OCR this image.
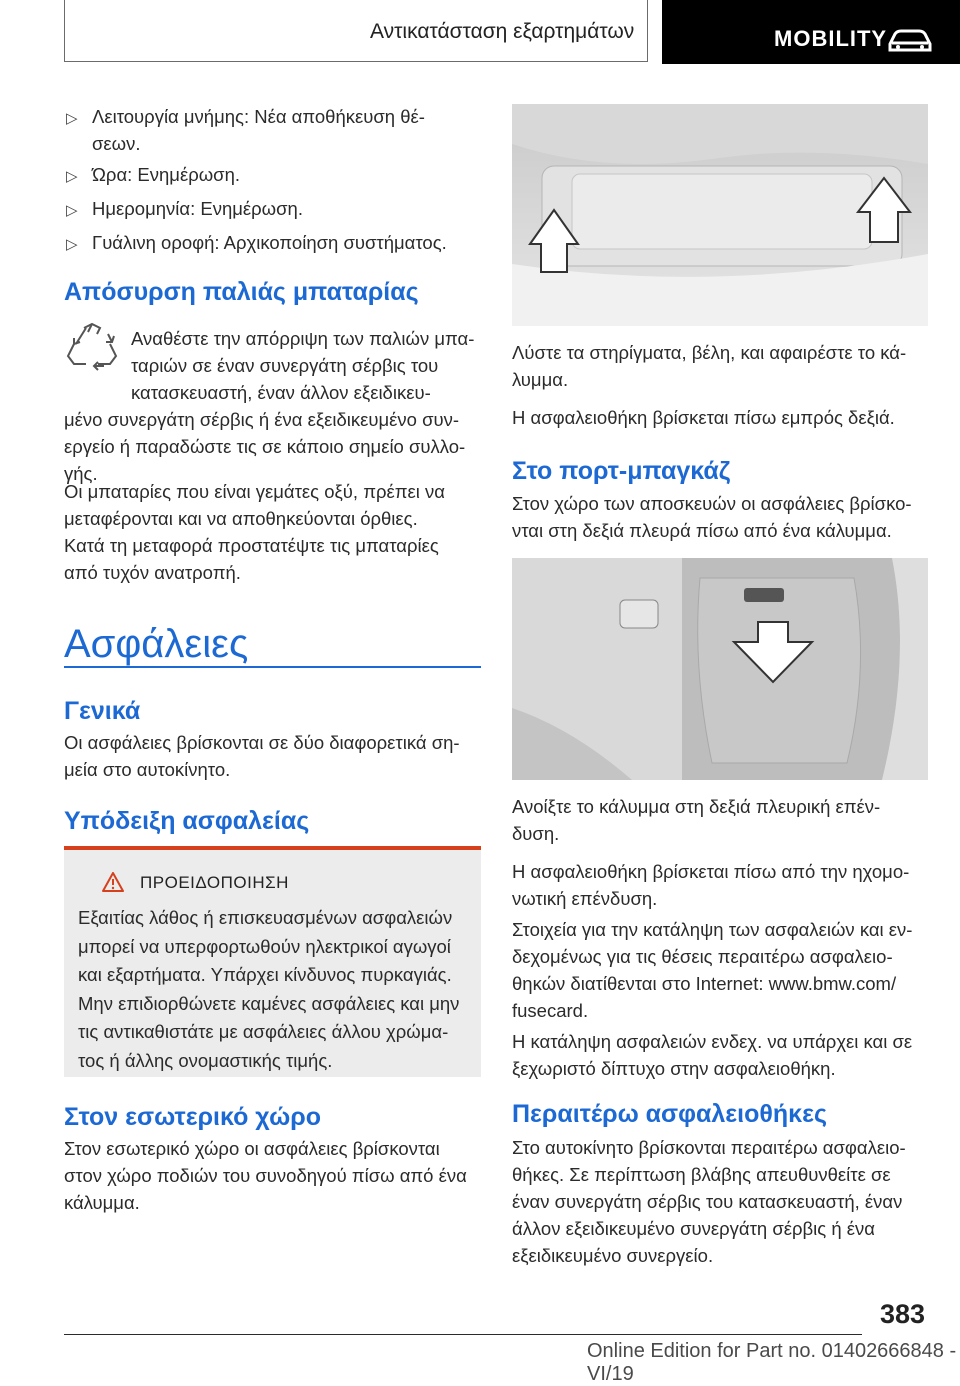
Αντικατάσταση εξαρτημάτων	MOBILITY
▷ Λειτουργία μνήμης: Νέα αποθήκευση θέ-
σεων.
▷ Ώρα: Ενημέρωση.
▷ Ημερομηνία: Ενημέρωση.
▷ Γυάλινη οροφή: Αρχικοποίηση συστήματος.
Απόσυρση παλιάς μπαταρίας
Αναθέστε την απόρριψη των παλιών μπα-
ταριών σε έναν συνεργάτη σέρβις του
κατασκευαστή, έναν άλλον εξειδικευ-
μένο συνεργάτη σέρβις ή ένα εξειδικευμένο συν-
εργείο ή παραδώστε τις σε κάποιο σημείο συλλο-
γής.
Οι μπαταρίες που είναι γεμάτες οξύ, πρέπει να
μεταφέρονται και να αποθηκεύονται όρθιες.
Κατά τη μεταφορά προστατέψτε τις μπαταρίες
από τυχόν ανατροπή.
Ασφάλειες
Γενικά
Οι ασφάλειες βρίσκονται σε δύο διαφορετικά ση-
μεία στο αυτοκίνητο.
Υπόδειξη ασφαλείας
ΠΡΟΕΙΔΟΠΟΙΗΣΗ
Εξαιτίας λάθος ή επισκευασμένων ασφαλειών
μπορεί να υπερφορτωθούν ηλεκτρικοί αγωγοί
και εξαρτήματα. Υπάρχει κίνδυνος πυρκαγιάς.
Μην επιδιορθώνετε καμένες ασφάλειες και μην
τις αντικαθιστάτε με ασφάλειες άλλου χρώμα-
τος ή άλλης ονομαστικής τιμής.
Στον εσωτερικό χώρο
Στον εσωτερικό χώρο οι ασφάλειες βρίσκονται
στον χώρο ποδιών του συνοδηγού πίσω από ένα
κάλυμμα.
Λύστε τα στηρίγματα, βέλη, και αφαιρέστε το κά-
λυμμα.
Η ασφαλειοθήκη βρίσκεται πίσω εμπρός δεξιά.
Στο πορτ-μπαγκάζ
Στον χώρο των αποσκευών οι ασφάλειες βρίσκο-
νται στη δεξιά πλευρά πίσω από ένα κάλυμμα.
Ανοίξτε το κάλυμμα στη δεξιά πλευρική επέν-
δυση.
Η ασφαλειοθήκη βρίσκεται πίσω από την ηχομο-
νωτική επένδυση.
Στοιχεία για την κατάληψη των ασφαλειών και εν-
δεχομένως για τις θέσεις περαιτέρω ασφαλειο-
θηκών διατίθενται στο Internet: www.bmw.com/
fusecard.
Η κατάληψη ασφαλειών ενδεχ. να υπάρχει και σε
ξεχωριστό δίπτυχο στην ασφαλειοθήκη.
Περαιτέρω ασφαλειοθήκες
Στο αυτοκίνητο βρίσκονται περαιτέρω ασφαλειο-
θήκες. Σε περίπτωση βλάβης απευθυνθείτε σε
έναν συνεργάτη σέρβις του κατασκευαστή, έναν
άλλον εξειδικευμένο συνεργάτη σέρβις ή ένα
εξειδικευμένο συνεργείο.
383
Online Edition for Part no. 01402666848 - VI/19
